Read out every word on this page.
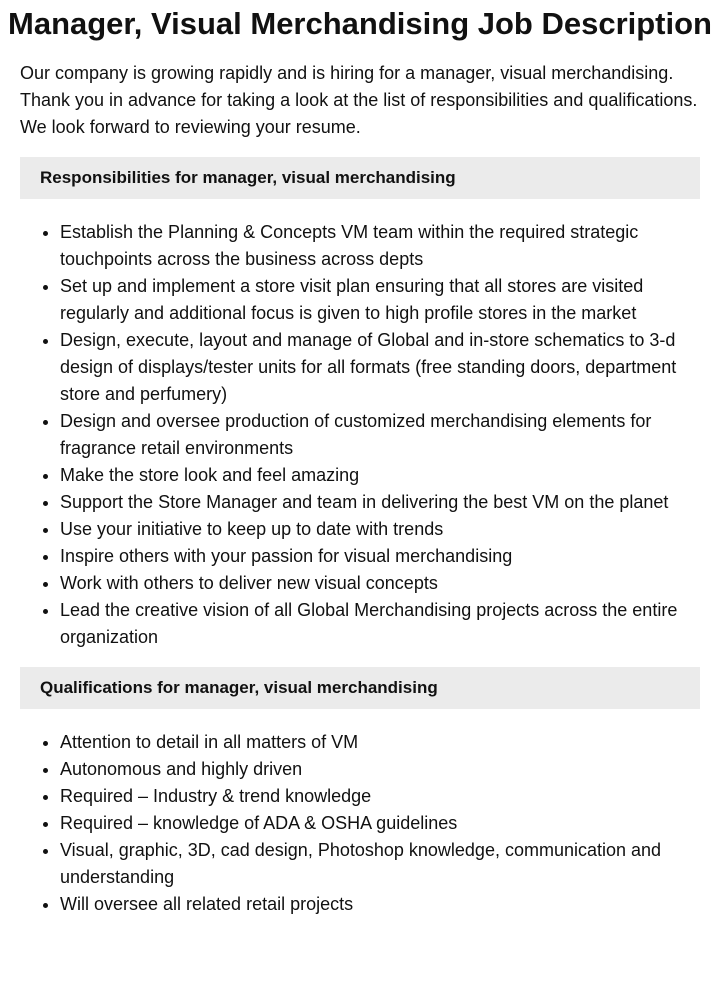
Manager, Visual Merchandising Job Description

Our company is growing rapidly and is hiring for a manager, visual merchandising. Thank you in advance for taking a look at the list of responsibilities and qualifications. We look forward to reviewing your resume.

Responsibilities for manager, visual merchandising
• Establish the Planning & Concepts VM team within the required strategic touchpoints across the business across depts
• Set up and implement a store visit plan ensuring that all stores are visited regularly and additional focus is given to high profile stores in the market
• Design, execute, layout and manage of Global and in-store schematics to 3-d design of displays/tester units for all formats (free standing doors, department store and perfumery)
• Design and oversee production of customized merchandising elements for fragrance retail environments
• Make the store look and feel amazing
• Support the Store Manager and team in delivering the best VM on the planet
• Use your initiative to keep up to date with trends
• Inspire others with your passion for visual merchandising
• Work with others to deliver new visual concepts
• Lead the creative vision of all Global Merchandising projects across the entire organization
Qualifications for manager, visual merchandising
• Attention to detail in all matters of VM
• Autonomous and highly driven
• Required – Industry & trend knowledge
• Required – knowledge of ADA & OSHA guidelines
• Visual, graphic, 3D, cad design, Photoshop knowledge, communication and understanding
• Will oversee all related retail projects
